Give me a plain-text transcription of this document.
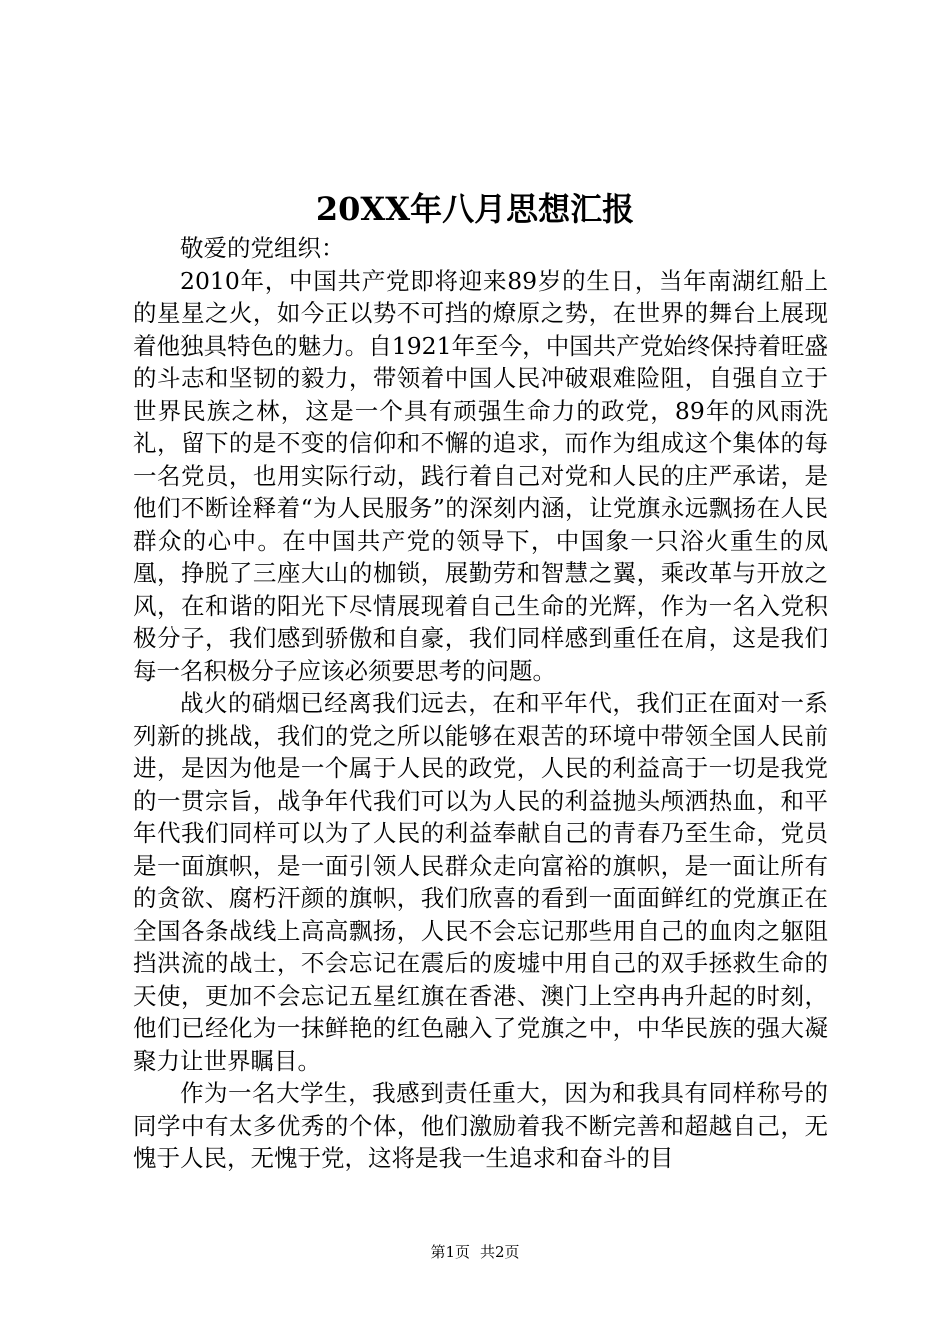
20XX年八月思想汇报

敬爱的党组织：

2010年，中国共产党即将迎来89岁的生日，当年南湖红船上的星星之火，如今正以势不可挡的燎原之势，在世界的舞台上展现着他独具特色的魅力。自1921年至今，中国共产党始终保持着旺盛的斗志和坚韧的毅力，带领着中国人民冲破艰难险阻，自强自立于世界民族之林，这是一个具有顽强生命力的政党，89年的风雨洗礼，留下的是不变的信仰和不懈的追求，而作为组成这个集体的每一名党员，也用实际行动，践行着自己对党和人民的庄严承诺，是他们不断诠释着“为人民服务”的深刻内涵，让党旗永远飘扬在人民群众的心中。在中国共产党的领导下，中国象一只浴火重生的凤凰，挣脱了三座大山的枷锁，展勤劳和智慧之翼，乘改革与开放之风，在和谐的阳光下尽情展现着自己生命的光辉，作为一名入党积极分子，我们感到骄傲和自豪，我们同样感到重任在肩，这是我们每一名积极分子应该必须要思考的问题。

战火的硝烟已经离我们远去，在和平年代，我们正在面对一系列新的挑战，我们的党之所以能够在艰苦的环境中带领全国人民前进，是因为他是一个属于人民的政党，人民的利益高于一切是我党的一贯宗旨，战争年代我们可以为人民的利益抛头颅洒热血，和平年代我们同样可以为了人民的利益奉献自己的青春乃至生命，党员是一面旗帜，是一面引领人民群众走向富裕的旗帜，是一面让所有的贪欲、腐朽汗颜的旗帜，我们欣喜的看到一面面鲜红的党旗正在全国各条战线上高高飘扬，人民不会忘记那些用自己的血肉之躯阻挡洪流的战士，不会忘记在震后的废墟中用自己的双手拯救生命的天使，更加不会忘记五星红旗在香港、澳门上空冉冉升起的时刻，他们已经化为一抹鲜艳的红色融入了党旗之中，中华民族的强大凝聚力让世界瞩目。

作为一名大学生，我感到责任重大，因为和我具有同样称号的同学中有太多优秀的个体，他们激励着我不断完善和超越自己，无愧于人民，无愧于党，这将是我一生追求和奋斗的目

第1页 共2页
